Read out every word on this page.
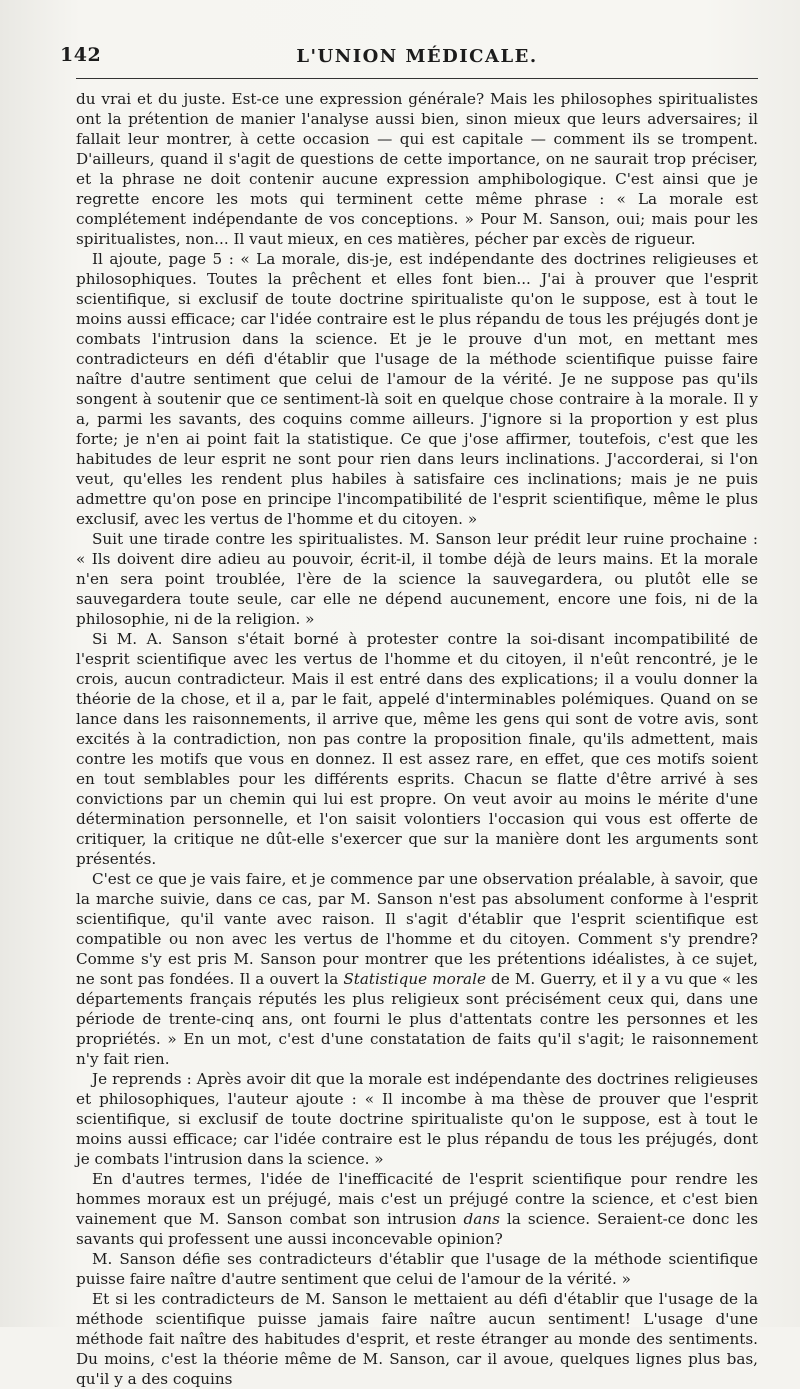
142	L'UNION MÉDICALE.

du vrai et du juste. Est-ce une expression générale? Mais les philosophes spiritualistes ont la prétention de manier l'analyse aussi bien, sinon mieux que leurs adversaires; il fallait leur montrer, à cette occasion — qui est capitale — comment ils se trompent. D'ailleurs, quand il s'agit de questions de cette importance, on ne saurait trop préciser, et la phrase ne doit contenir aucune expression amphibologique. C'est ainsi que je regrette encore les mots qui terminent cette même phrase : « La morale est complétement indépendante de vos conceptions. » Pour M. Sanson, oui; mais pour les spiritualistes, non... Il vaut mieux, en ces matières, pécher par excès de rigueur.

Il ajoute, page 5 : « La morale, dis-je, est indépendante des doctrines religieuses et philosophiques. Toutes la prêchent et elles font bien... J'ai à prouver que l'esprit scientifique, si exclusif de toute doctrine spiritualiste qu'on le suppose, est à tout le moins aussi efficace; car l'idée contraire est le plus répandu de tous les préjugés dont je combats l'intrusion dans la science. Et je le prouve d'un mot, en mettant mes contradicteurs en défi d'établir que l'usage de la méthode scientifique puisse faire naître d'autre sentiment que celui de l'amour de la vérité. Je ne suppose pas qu'ils songent à soutenir que ce sentiment-là soit en quelque chose contraire à la morale. Il y a, parmi les savants, des coquins comme ailleurs. J'ignore si la proportion y est plus forte; je n'en ai point fait la statistique. Ce que j'ose affirmer, toutefois, c'est que les habitudes de leur esprit ne sont pour rien dans leurs inclinations. J'accorderai, si l'on veut, qu'elles les rendent plus habiles à satisfaire ces inclinations; mais je ne puis admettre qu'on pose en principe l'incompatibilité de l'esprit scientifique, même le plus exclusif, avec les vertus de l'homme et du citoyen. »

Suit une tirade contre les spiritualistes. M. Sanson leur prédit leur ruine prochaine : « Ils doivent dire adieu au pouvoir, écrit-il, il tombe déjà de leurs mains. Et la morale n'en sera point troublée, l'ère de la science la sauvegardera, ou plutôt elle se sauvegardera toute seule, car elle ne dépend aucunement, encore une fois, ni de la philosophie, ni de la religion. »

Si M. A. Sanson s'était borné à protester contre la soi-disant incompatibilité de l'esprit scientifique avec les vertus de l'homme et du citoyen, il n'eût rencontré, je le crois, aucun contradicteur. Mais il est entré dans des explications; il a voulu donner la théorie de la chose, et il a, par le fait, appelé d'interminables polémiques. Quand on se lance dans les raisonnements, il arrive que, même les gens qui sont de votre avis, sont excités à la contradiction, non pas contre la proposition finale, qu'ils admettent, mais contre les motifs que vous en donnez. Il est assez rare, en effet, que ces motifs soient en tout semblables pour les différents esprits. Chacun se flatte d'être arrivé à ses convictions par un chemin qui lui est propre. On veut avoir au moins le mérite d'une détermination personnelle, et l'on saisit volontiers l'occasion qui vous est offerte de critiquer, la critique ne dût-elle s'exercer que sur la manière dont les arguments sont présentés.

C'est ce que je vais faire, et je commence par une observation préalable, à savoir, que la marche suivie, dans ce cas, par M. Sanson n'est pas absolument conforme à l'esprit scientifique, qu'il vante avec raison. Il s'agit d'établir que l'esprit scientifique est compatible ou non avec les vertus de l'homme et du citoyen. Comment s'y prendre? Comme s'y est pris M. Sanson pour montrer que les prétentions idéalistes, à ce sujet, ne sont pas fondées. Il a ouvert la Statistique morale de M. Guerry, et il y a vu que « les départements français réputés les plus religieux sont précisément ceux qui, dans une période de trente-cinq ans, ont fourni le plus d'attentats contre les personnes et les propriétés. » En un mot, c'est d'une constatation de faits qu'il s'agit; le raisonnement n'y fait rien.

Je reprends : Après avoir dit que la morale est indépendante des doctrines religieuses et philosophiques, l'auteur ajoute : « Il incombe à ma thèse de prouver que l'esprit scientifique, si exclusif de toute doctrine spiritualiste qu'on le suppose, est à tout le moins aussi efficace; car l'idée contraire est le plus répandu de tous les préjugés, dont je combats l'intrusion dans la science. »

En d'autres termes, l'idée de l'inefficacité de l'esprit scientifique pour rendre les hommes moraux est un préjugé, mais c'est un préjugé contre la science, et c'est bien vainement que M. Sanson combat son intrusion dans la science. Seraient-ce donc les savants qui professent une aussi inconcevable opinion?

M. Sanson défie ses contradicteurs d'établir que l'usage de la méthode scientifique puisse faire naître d'autre sentiment que celui de l'amour de la vérité. »

Et si les contradicteurs de M. Sanson le mettaient au défi d'établir que l'usage de la méthode scientifique puisse jamais faire naître aucun sentiment! L'usage d'une méthode fait naître des habitudes d'esprit, et reste étranger au monde des sentiments. Du moins, c'est la théorie même de M. Sanson, car il avoue, quelques lignes plus bas, qu'il y a des coquins
